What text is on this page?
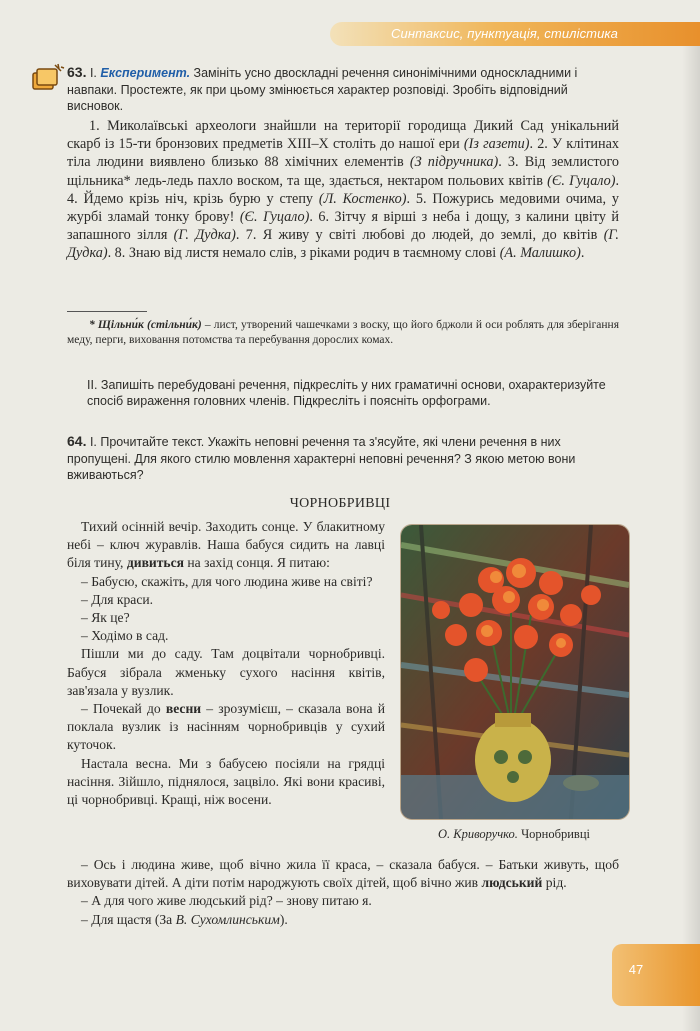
Синтаксис, пунктуація, стилістика
63. I. Експеримент. Замініть усно двоскладні речення синонімічними односкладними і навпаки. Простежте, як при цьому змінюється характер розповіді. Зробіть відповідний висновок.
1. Миколаївські археологи знайшли на території городища Дикий Сад унікальний скарб із 15-ти бронзових предметів XIII–X століть до нашої ери (Із газети). 2. У клітинах тіла людини виявлено близько 88 хімічних елементів (З підручника). 3. Від землистого щільника* ледь-ледь пахло воском, та ще, здається, нектаром польових квітів (Є. Гуцало). 4. Йдемо крізь ніч, крізь бурю у степу (Л. Костенко). 5. Пожурись медовими очима, у журбі зламай тонку брову! (Є. Гуцало). 6. Зітчу я вірші з неба і дощу, з калини цвіту й запашного зілля (Г. Дудка). 7. Я живу у світі любові до людей, до землі, до квітів (Г. Дудка). 8. Знаю від листя немало слів, з ріками родич в таємному слові (А. Малишко).
* Щільни́к (стільни́к) – лист, утворений чашечками з воску, що його бджоли й оси роблять для зберігання меду, перги, виховання потомства та перебування дорослих комах.
II. Запишіть перебудовані речення, підкресліть у них граматичні основи, охарактеризуйте спосіб вираження головних членів. Підкресліть і поясніть орфограми.
64. I. Прочитайте текст. Укажіть неповні речення та з'ясуйте, які члени речення в них пропущені. Для якого стилю мовлення характерні неповні речення? З якою метою вони вживаються?
ЧОРНОБРИВЦІ

Тихий осінній вечір. Заходить сонце. У блакитному небі – ключ журавлів. Наша бабуся сидить на лавці біля тину, дивиться на захід сонця. Я питаю:

– Бабусю, скажіть, для чого людина живе на світі?

– Для краси.

– Як це?

– Ходімо в сад.

Пішли ми до саду. Там доцвітали чорнобривці. Бабуся зібрала жменьку сухого насіння квітів, зав'язала у вузлик.

– Почекай до весни – зрозумієш, – сказала вона й поклала вузлик із насінням чорнобривців у сухий куточок.

Настала весна. Ми з бабусею посіяли на грядці насіння. Зійшло, піднялося, зацвіло. Які вони красиві, ці чорнобривці. Кращі, ніж восени.

– Ось і людина живе, щоб вічно жила її краса, – сказала бабуся. – Батьки живуть, щоб виховувати дітей. А діти потім народжують своїх дітей, щоб вічно жив людський рід.

– А для чого живе людський рід? – знову питаю я.

– Для щастя (За В. Сухомлинським).

О. Криворучко. Чорнобривці
47
